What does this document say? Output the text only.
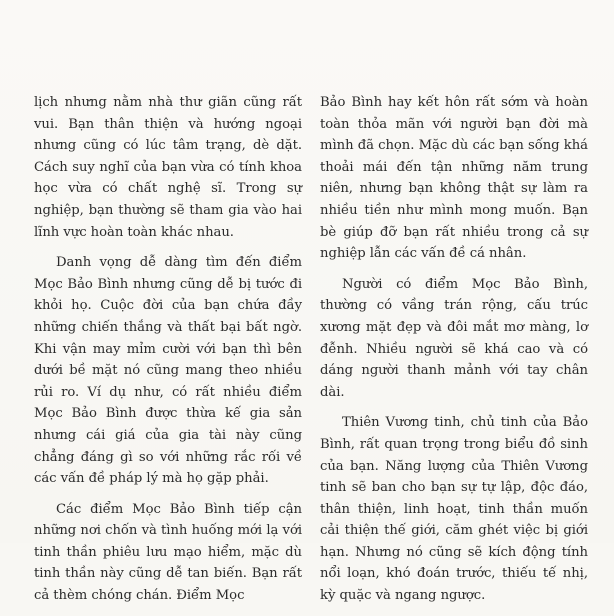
lịch nhưng nằm nhà thư giãn cũng rất vui. Bạn thân thiện và hướng ngoại nhưng cũng có lúc tâm trạng, dè dặt. Cách suy nghĩ của bạn vừa có tính khoa học vừa có chất nghệ sĩ. Trong sự nghiệp, bạn thường sẽ tham gia vào hai lĩnh vực hoàn toàn khác nhau.

Danh vọng dễ dàng tìm đến điểm Mọc Bảo Bình nhưng cũng dễ bị tước đi khỏi họ. Cuộc đời của bạn chứa đầy những chiến thắng và thất bại bất ngờ. Khi vận may mỉm cười với bạn thì bên dưới bề mặt nó cũng mang theo nhiều rủi ro. Ví dụ như, có rất nhiều điểm Mọc Bảo Bình được thừa kế gia sản nhưng cái giá của gia tài này cũng chẳng đáng gì so với những rắc rối về các vấn đề pháp lý mà họ gặp phải.

Các điểm Mọc Bảo Bình tiếp cận những nơi chốn và tình huống mới lạ với tinh thần phiêu lưu mạo hiểm, mặc dù tinh thần này cũng dễ tan biến. Bạn rất cả thèm chóng chán. Điểm Mọc

Bảo Bình hay kết hôn rất sớm và hoàn toàn thỏa mãn với người bạn đời mà mình đã chọn. Mặc dù các bạn sống khá thoải mái đến tận những năm trung niên, nhưng bạn không thật sự làm ra nhiều tiền như mình mong muốn. Bạn bè giúp đỡ bạn rất nhiều trong cả sự nghiệp lẫn các vấn đề cá nhân.

Người có điểm Mọc Bảo Bình, thường có vầng trán rộng, cấu trúc xương mặt đẹp và đôi mắt mơ màng, lơ đễnh. Nhiều người sẽ khá cao và có dáng người thanh mảnh với tay chân dài.

Thiên Vương tinh, chủ tinh của Bảo Bình, rất quan trọng trong biểu đồ sinh của bạn. Năng lượng của Thiên Vương tinh sẽ ban cho bạn sự tự lập, độc đáo, thân thiện, linh hoạt, tinh thần muốn cải thiện thế giới, căm ghét việc bị giới hạn. Nhưng nó cũng sẽ kích động tính nổi loạn, khó đoán trước, thiếu tế nhị, kỳ quặc và ngang ngược.
